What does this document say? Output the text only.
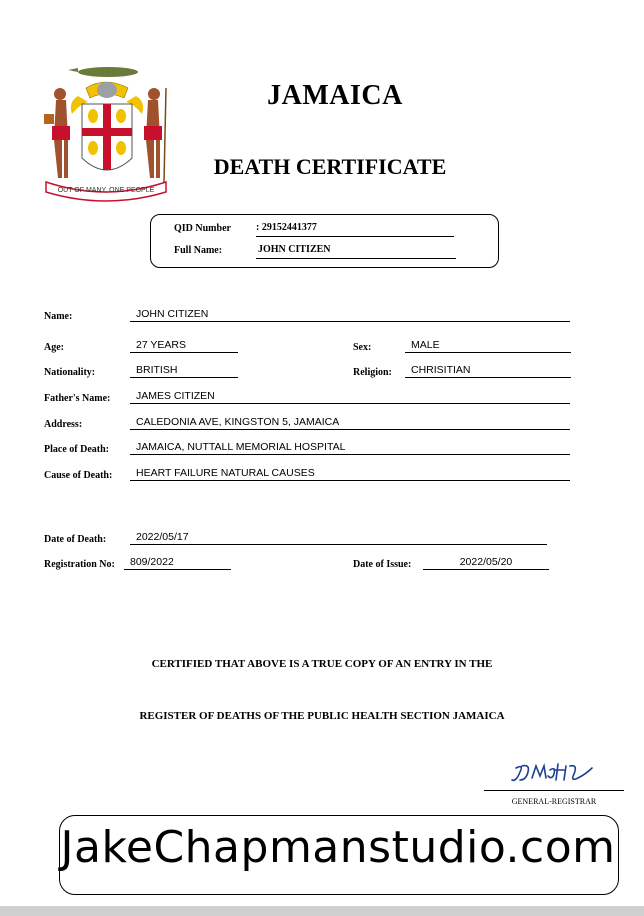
OUT OF MANY, ONE PEOPLE
JAMAICA
DEATH CERTIFICATE
QID Number	: 29152441377
Full Name:	JOHN CITIZEN
Name:	JOHN CITIZEN
Age:	27 YEARS	Sex:	MALE
Nationality:	BRITISH	Religion:	CHRISITIAN
Father's Name:	JAMES CITIZEN
Address:	CALEDONIA AVE, KINGSTON 5, JAMAICA
Place of Death:	JAMAICA, NUTTALL MEMORIAL HOSPITAL
Cause of Death:	HEART FAILURE NATURAL CAUSES
Date of Death:	2022/05/17
Registration No:	809/2022	Date of Issue:	2022/05/20
CERTIFIED THAT ABOVE IS A TRUE COPY OF AN ENTRY IN THE
REGISTER OF DEATHS OF THE PUBLIC HEALTH SECTION JAMAICA
GENERAL-REGISTRAR
JakeChapmanstudio.com
